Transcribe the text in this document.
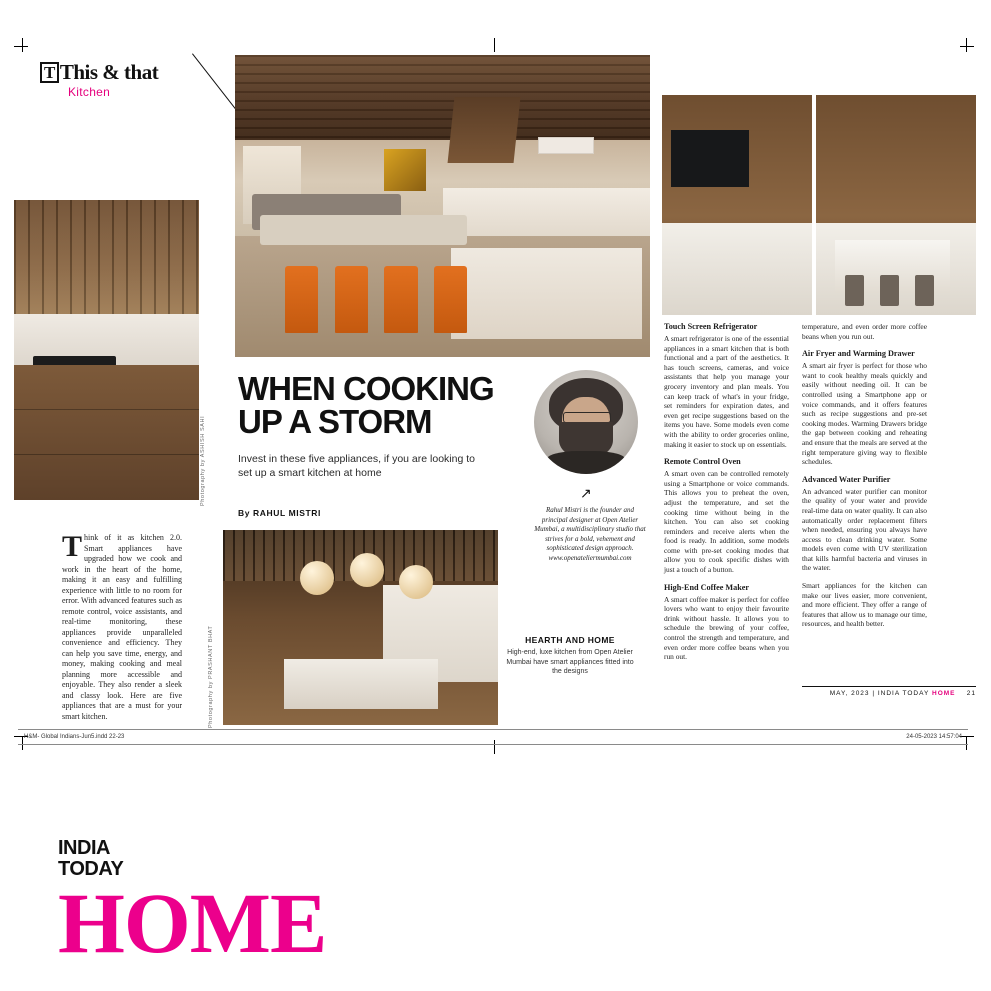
T This & that
Kitchen
Photography by ASHISH SAHI
WHEN COOKING UP A STORM
Invest in these five appliances, if you are looking to set up a smart kitchen at home
By RAHUL MISTRI
↗
Rahul Mistri is the founder and principal designer at Open Atelier Mumbai, a multidisciplinary studio that strives for a bold, vehement and sophisticated design approach.
www.openateliermumbai.com
Think of it as kitchen 2.0. Smart appliances have upgraded how we cook and work in the heart of the home, making it an easy and fulfilling experience with little to no room for error. With advanced features such as remote control, voice assistants, and real-time monitoring, these appliances provide unparalleled convenience and efficiency. They can help you save time, energy, and money, making cooking and meal planning more accessible and enjoyable. They also render a sleek and classy look. Here are five appliances that are a must for your smart kitchen.	Photography by PRASHANT BHAT	HEARTH AND HOME
High-end, luxe kitchen from Open Atelier Mumbai have smart appliances fitted into the designs
Touch Screen Refrigerator

A smart refrigerator is one of the essential appliances in a smart kitchen that is both functional and a part of the aesthetics. It has touch screens, cameras, and voice assistants that help you manage your grocery inventory and plan meals. You can keep track of what's in your fridge, set reminders for expiration dates, and even get recipe suggestions based on the items you have. Some models even come with the ability to order groceries online, making it easier to stock up on essentials.

Remote Control Oven

A smart oven can be controlled remotely using a Smartphone or voice commands. This allows you to preheat the oven, adjust the temperature, and set the cooking time without being in the kitchen. You can also set cooking reminders and receive alerts when the food is ready. In addition, some models come with pre-set cooking modes that allow you to cook specific dishes with just a touch of a button.

High-End Coffee Maker

A smart coffee maker is perfect for coffee lovers who want to enjoy their favourite drink without hassle. It allows you to schedule the brewing of your coffee, control the strength and temperature, and even order more coffee beans when you run out.

temperature, and even order more coffee beans when you run out.

Air Fryer and Warming Drawer

A smart air fryer is perfect for those who want to cook healthy meals quickly and easily without needing oil. It can be controlled using a Smartphone app or voice commands, and it offers features such as recipe suggestions and pre-set cooking modes. Warming Drawers bridge the gap between cooking and reheating and ensure that the meals are served at the right temperature giving way to flexible schedules.

Advanced Water Purifier

An advanced water purifier can monitor the quality of your water and provide real-time data on water quality. It can also automatically order replacement filters when needed, ensuring you always have access to clean drinking water. Some models even come with UV sterilization that kills harmful bacteria and viruses in the water.

Smart appliances for the kitchen can make our lives easier, more convenient, and more efficient. They offer a range of features that allow us to manage our time, resources, and health better.

MAY, 2023 | INDIA TODAY HOME 21
H&M- Global Indians-Jun5.indd 22-23	24-05-2023 14:57:04
INDIA
TODAY
HOME
